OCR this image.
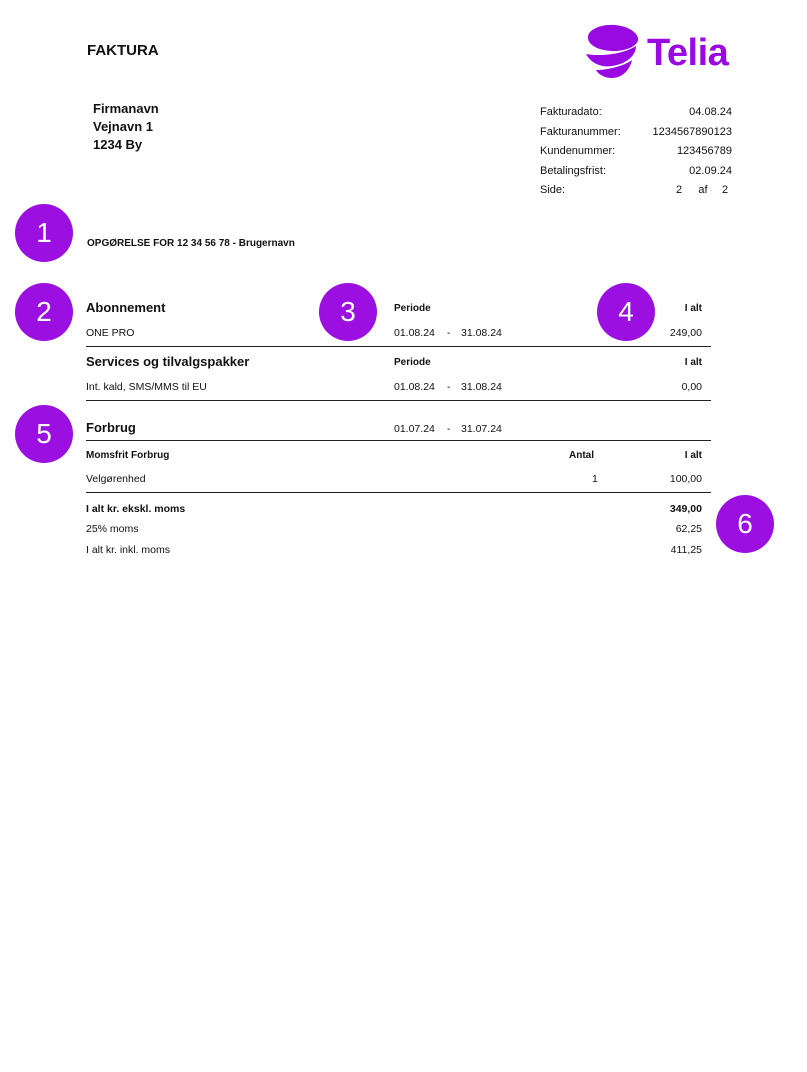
FAKTURA
Firmanavn
Vejnavn 1
1234 By
Telia
Fakturadato:	04.08.24
Fakturanummer:	1234567890123
Kundenummer:	123456789
Betalingsfrist:	02.09.24
Side:	2	af	2
1
2	3	4
5
6
OPGØRELSE FOR 12 34 56 78 - Brugernavn
Abonnement	Periode	I alt
ONE PRO	01.08.24 - 31.08.24	249,00
Services og tilvalgspakker	Periode	I alt
Int. kald, SMS/MMS til EU	01.08.24 - 31.08.24	0,00
Forbrug	01.07.24 - 31.07.24
Momsfrit Forbrug	Antal	I alt
Velgørenhed	1	100,00
I alt kr. ekskl. moms	349,00
25% moms	62,25
I alt kr. inkl. moms	411,25
